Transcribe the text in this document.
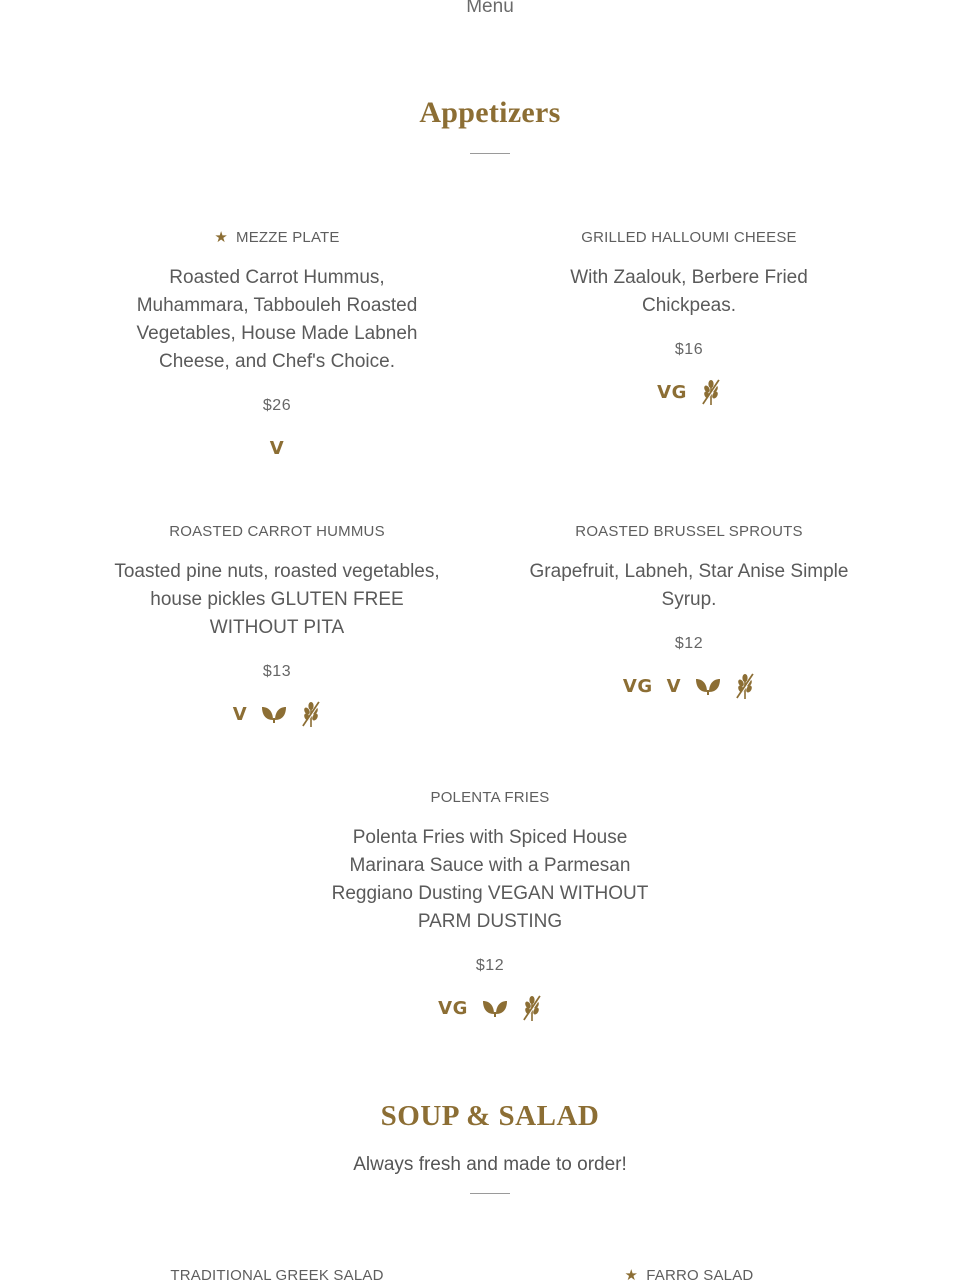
Menu
Appetizers
★ MEZZE PLATE
Roasted Carrot Hummus, Muhammara, Tabbouleh Roasted Vegetables, House Made Labneh Cheese, and Chef's Choice.
$26
V
GRILLED HALLOUMI CHEESE
With Zaalouk, Berbere Fried Chickpeas.
$16
VG
ROASTED CARROT HUMMUS
Toasted pine nuts, roasted vegetables, house pickles GLUTEN FREE WITHOUT PITA
$13
V
ROASTED BRUSSEL SPROUTS
Grapefruit, Labneh, Star Anise Simple Syrup.
$12
VG V
POLENTA FRIES
Polenta Fries with Spiced House Marinara Sauce with a Parmesan Reggiano Dusting VEGAN WITHOUT PARM DUSTING
$12
VG
SOUP & SALAD
Always fresh and made to order!
TRADITIONAL GREEK SALAD	★ FARRO SALAD
